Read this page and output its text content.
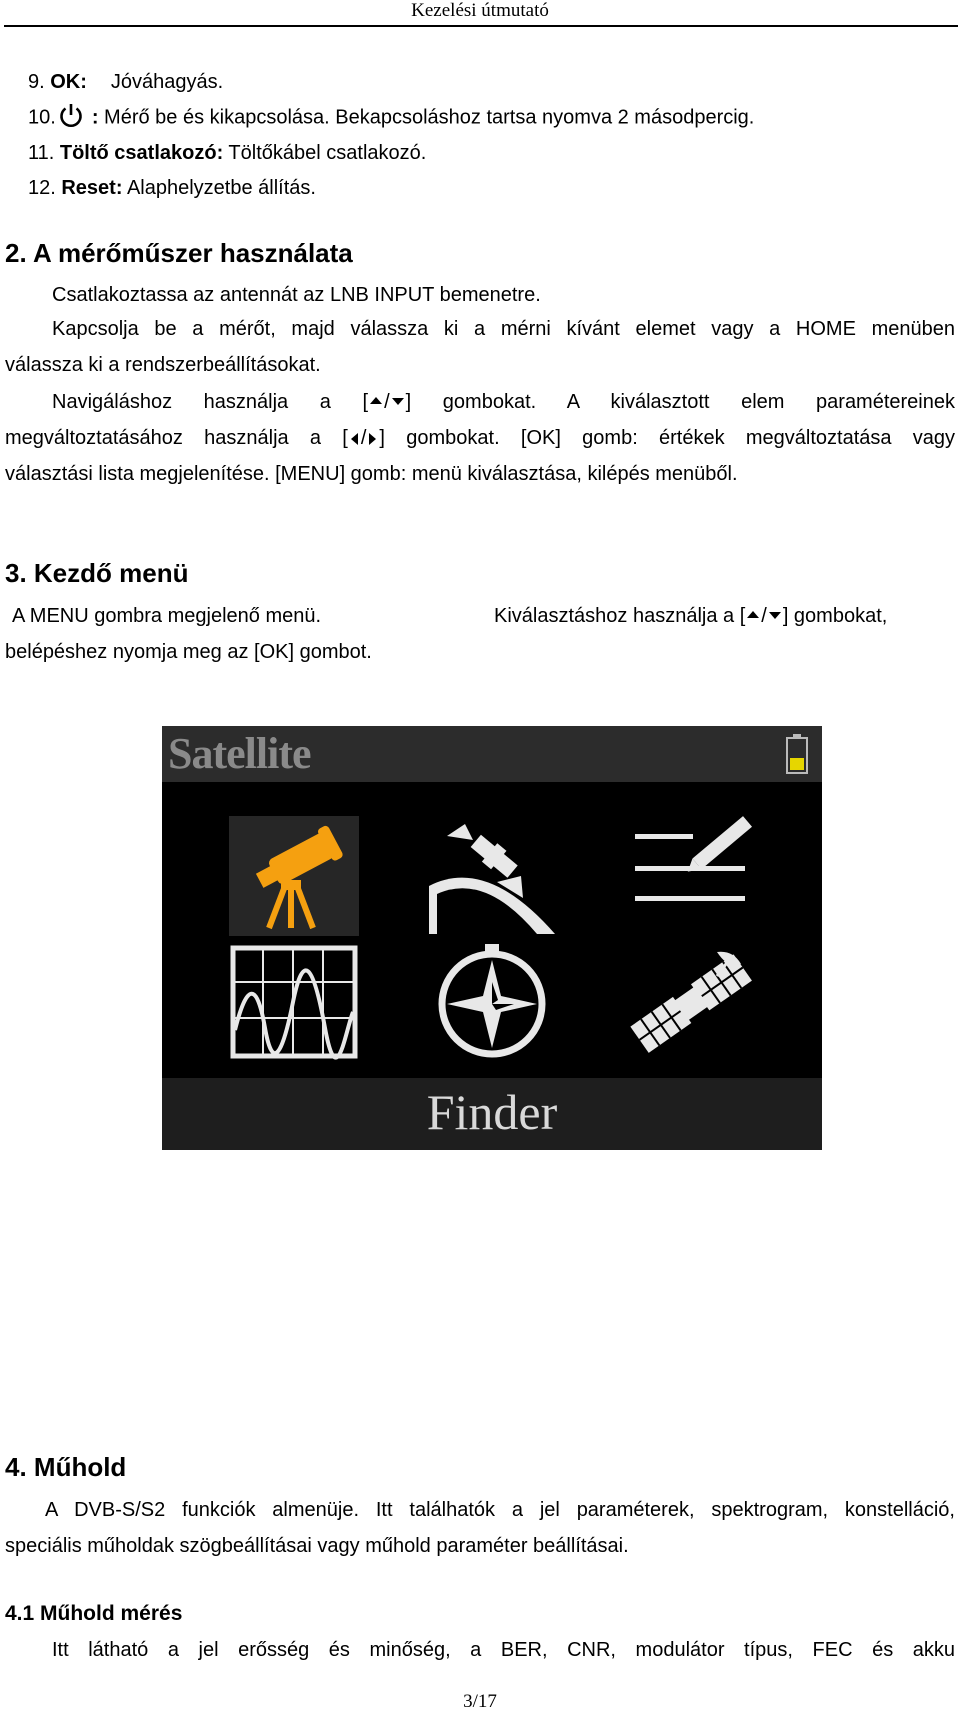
Kezelési útmutató
9. OK: Jóváhagyás.
10. : Mérő be és kikapcsolása. Bekapcsoláshoz tartsa nyomva 2 másodpercig.
11. Töltő csatlakozó: Töltőkábel csatlakozó.
12. Reset: Alaphelyzetbe állítás.
2. A mérőműszer használata
Csatlakoztassa az antennát az LNB INPUT bemenetre.
Kapcsolja be a mérőt, majd válassza ki a mérni kívánt elemet vagy a HOME menüben
válassza ki a rendszerbeállításokat.
Navigáláshoz használja a [ / ] gombokat. A kiválasztott elem paramétereinek
megváltoztatásához használja a [ / ] gombokat. [OK] gomb: értékek megváltoztatása vagy
választási lista megjelenítése. [MENU] gomb: menü kiválasztása, kilépés menüből.
3. Kezdő menü
A MENU gombra megjelenő menü.	Kiválasztáshoz használja a [ / ] gombokat,
belépéshez nyomja meg az [OK] gombot.
Satellite
Finder
4. Műhold
A DVB-S/S2 funkciók almenüje. Itt találhatók a jel paraméterek, spektrogram, konstelláció,
speciális műholdak szögbeállításai vagy műhold paraméter beállításai.
4.1 Műhold mérés
Itt látható a jel erősség és minőség, a BER, CNR, modulátor típus, FEC és akku
3/17
